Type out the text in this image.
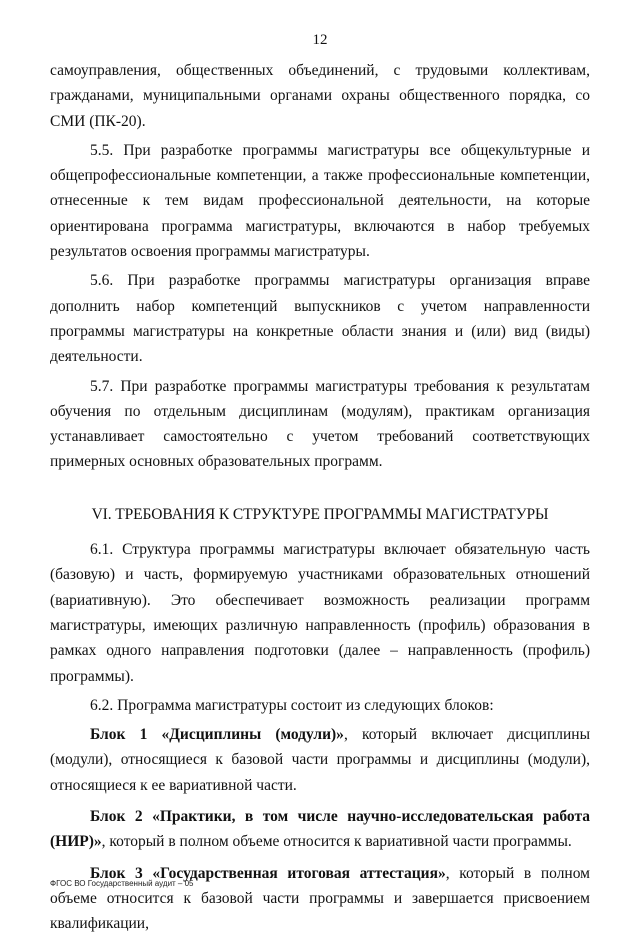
12

самоуправления, общественных объединений, с трудовыми коллективам, гражданами, муниципальными органами охраны общественного порядка, со СМИ (ПК-20).

5.5. При разработке программы магистратуры все общекультурные и общепрофессиональные компетенции, а также профессиональные компетенции, отнесенные к тем видам профессиональной деятельности, на которые ориентирована программа магистратуры, включаются в набор требуемых результатов освоения программы магистратуры.

5.6. При разработке программы магистратуры организация вправе дополнить набор компетенций выпускников с учетом направленности программы магистратуры на конкретные области знания и (или) вид (виды) деятельности.

5.7. При разработке программы магистратуры требования к результатам обучения по отдельным дисциплинам (модулям), практикам организация устанавливает самостоятельно с учетом требований соответствующих примерных основных образовательных программ.

VI. ТРЕБОВАНИЯ К СТРУКТУРЕ ПРОГРАММЫ МАГИСТРАТУРЫ

6.1. Структура программы магистратуры включает обязательную часть (базовую) и часть, формируемую участниками образовательных отношений (вариативную). Это обеспечивает возможность реализации программ магистратуры, имеющих различную направленность (профиль) образования в рамках одного направления подготовки (далее – направленность (профиль) программы).

6.2. Программа магистратуры состоит из следующих блоков:

Блок 1 «Дисциплины (модули)», который включает дисциплины (модули), относящиеся к базовой части программы и дисциплины (модули), относящиеся к ее вариативной части.

Блок 2 «Практики, в том числе научно-исследовательская работа (НИР)», который в полном объеме относится к вариативной части программы.

Блок 3 «Государственная итоговая аттестация», который в полном объеме относится к базовой части программы и завершается присвоением квалификации,

ФГОС ВО Государственный аудит – 05
